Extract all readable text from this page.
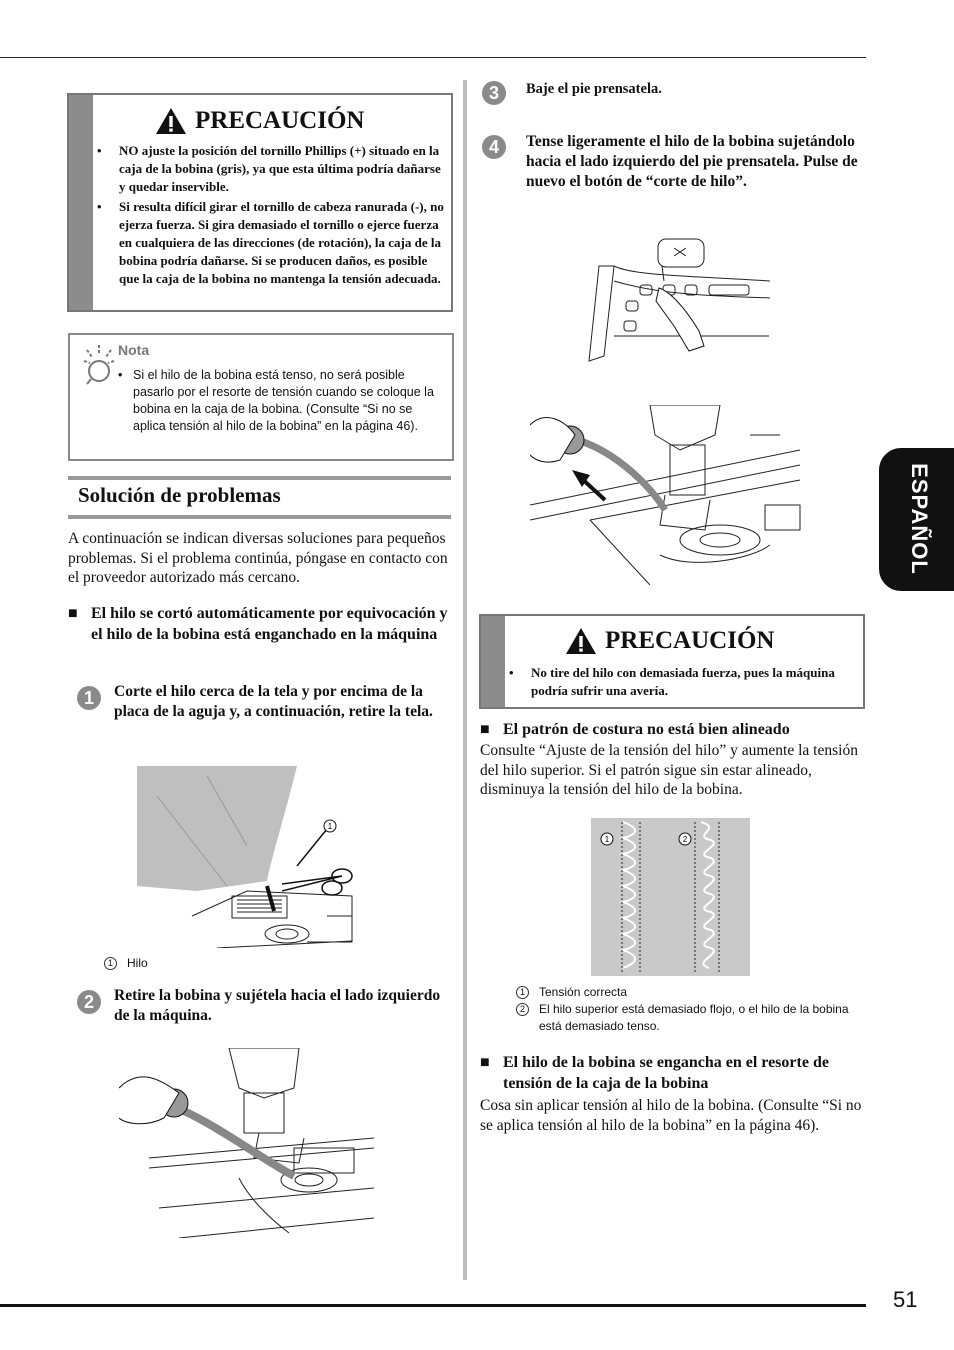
51
ESPAÑOL
PRECAUCIÓN
• NO ajuste la posición del tornillo Phillips (+) situado en la caja de la bobina (gris), ya que esta última podría dañarse y quedar inservible.
• Si resulta difícil girar el tornillo de cabeza ranurada (-), no ejerza fuerza. Si gira demasiado el tornillo o ejerce fuerza en cualquiera de las direcciones (de rotación), la caja de la bobina podría dañarse. Si se producen daños, es posible que la caja de la bobina no mantenga la tensión adecuada.
Nota
• Si el hilo de la bobina está tenso, no será posible pasarlo por el resorte de tensión cuando se coloque la bobina en la caja de la bobina. (Consulte “Si no se aplica tensión al hilo de la bobina” en la página 46).
Solución de problemas
A continuación se indican diversas soluciones para pequeños problemas. Si el problema continúa, póngase en contacto con el proveedor autorizado más cercano.
■ El hilo se cortó automáticamente por equivocación y el hilo de la bobina está enganchado en la máquina
1	Corte el hilo cerca de la tela y por encima de la placa de la aguja y, a continuación, retire la tela.
1
1 Hilo
2	Retire la bobina y sujétela hacia el lado izquierdo de la máquina.
3	Baje el pie prensatela.
4	Tense ligeramente el hilo de la bobina sujetándolo hacia el lado izquierdo del pie prensatela. Pulse de nuevo el botón de “corte de hilo”.
PRECAUCIÓN
• No tire del hilo con demasiada fuerza, pues la máquina podría sufrir una avería.
■ El patrón de costura no está bien alineado
Consulte “Ajuste de la tensión del hilo” y aumente la tensión del hilo superior. Si el patrón sigue sin estar alineado, disminuya la tensión del hilo de la bobina.
1	2
1 Tensión correcta
2	El hilo superior está demasiado flojo, o el hilo de la bobina está demasiado tenso.
■ El hilo de la bobina se engancha en el resorte de tensión de la caja de la bobina
Cosa sin aplicar tensión al hilo de la bobina. (Consulte “Si no se aplica tensión al hilo de la bobina” en la página 46).
